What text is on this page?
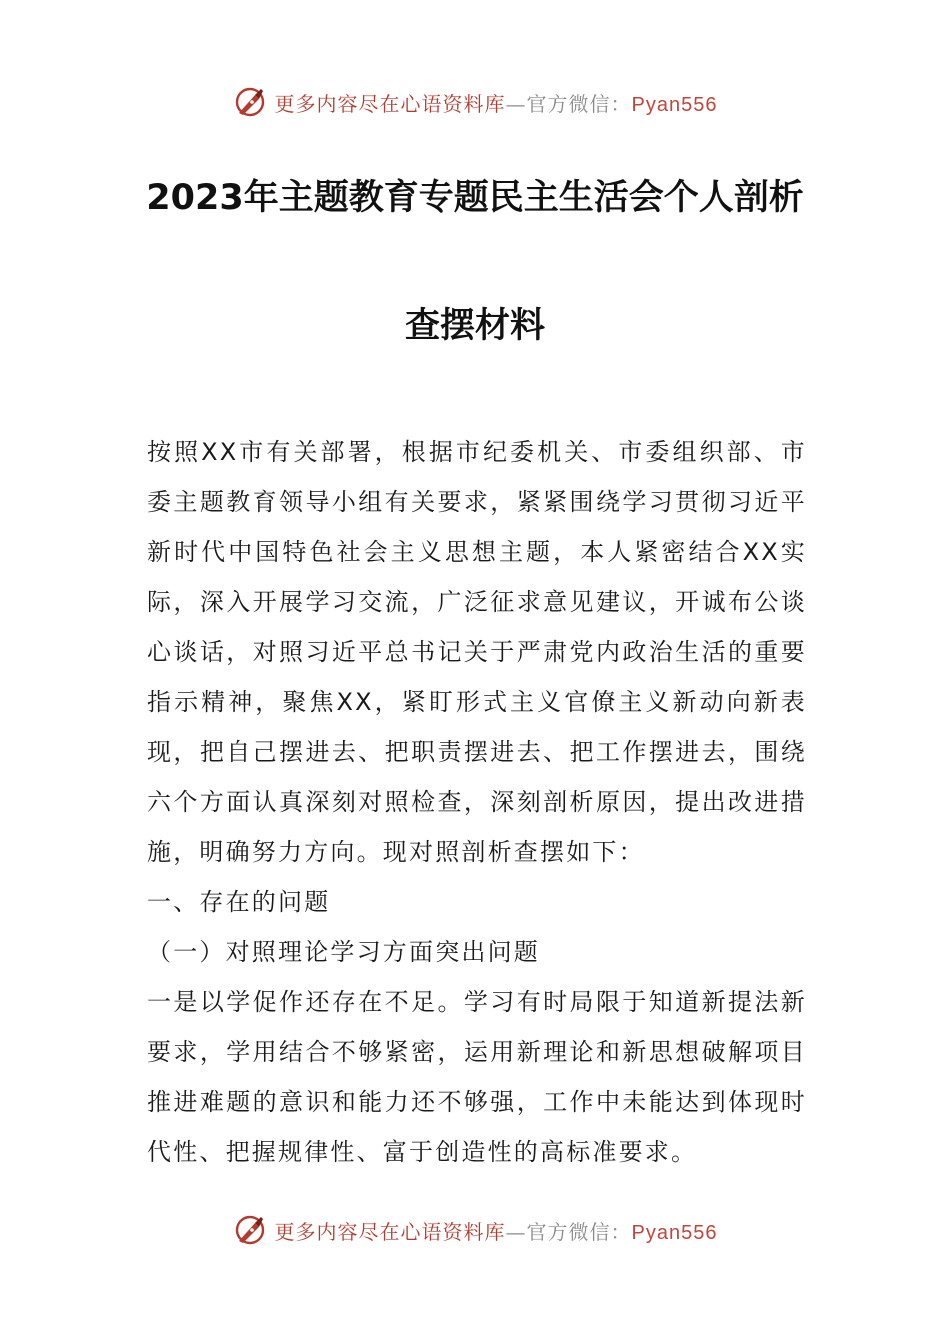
更多内容尽在心语资料库—官方微信：Pyan556
2023年主题教育专题民主生活会个人剖析
查摆材料

按照XX市有关部署，根据市纪委机关、市委组织部、市委主题教育领导小组有关要求，紧紧围绕学习贯彻习近平新时代中国特色社会主义思想主题，本人紧密结合XX实际，深入开展学习交流，广泛征求意见建议，开诚布公谈心谈话，对照习近平总书记关于严肃党内政治生活的重要指示精神，聚焦XX，紧盯形式主义官僚主义新动向新表现，把自己摆进去、把职责摆进去、把工作摆进去，围绕六个方面认真深刻对照检查，深刻剖析原因，提出改进措施，明确努力方向。现对照剖析查摆如下：

一、存在的问题

（一）对照理论学习方面突出问题

一是以学促作还存在不足。学习有时局限于知道新提法新要求，学用结合不够紧密，运用新理论和新思想破解项目推进难题的意识和能力还不够强，工作中未能达到体现时代性、把握规律性、富于创造性的高标准要求。

更多内容尽在心语资料库—官方微信：Pyan556
